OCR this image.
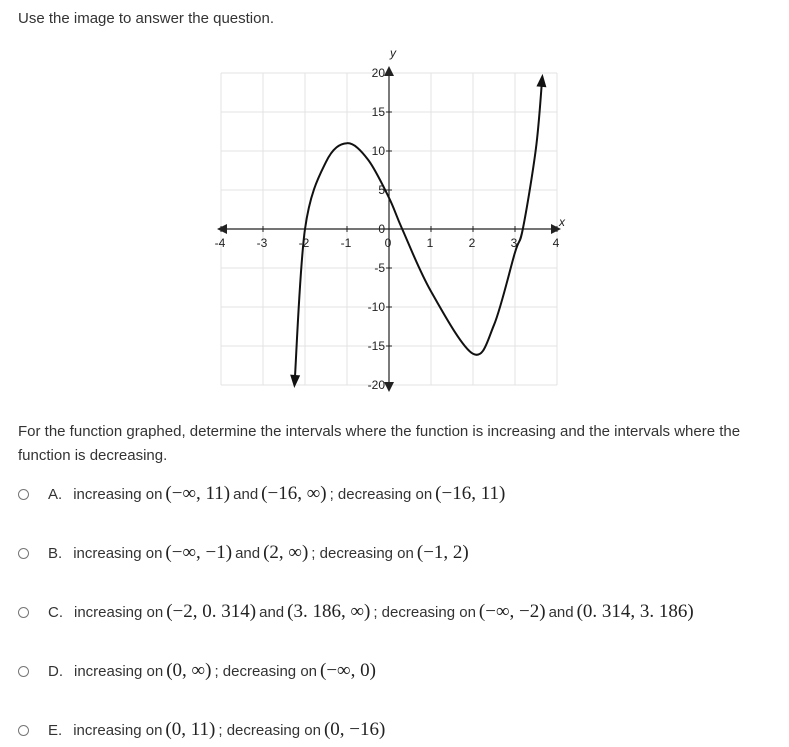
Use the image to answer the question.
x
y
-4	-3	-2	-1	0	1	2	3	4
20
15
10
5
0
-5
-10
-15
-20
For the function graphed, determine the intervals where the function is increasing and the intervals where the function is decreasing.
A. increasing on (−∞, 11) and (−16, ∞) ; decreasing on (−16, 11)
B. increasing on (−∞, −1) and (2, ∞) ; decreasing on (−1, 2)
C. increasing on (−2, 0. 314) and (3. 186, ∞) ; decreasing on (−∞, −2) and (0. 314, 3. 186)
D. increasing on (0, ∞) ; decreasing on (−∞, 0)
E. increasing on (0, 11) ; decreasing on (0, −16)
